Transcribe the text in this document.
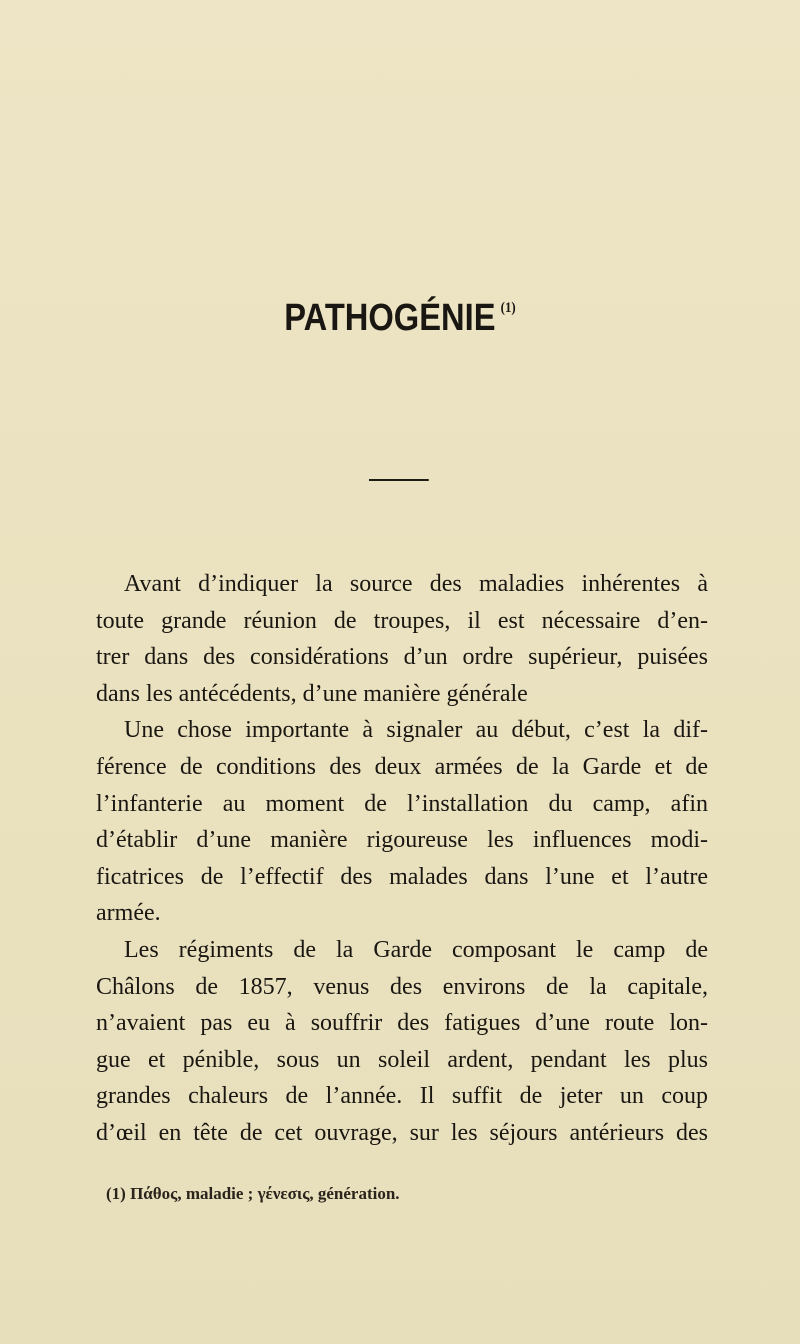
PATHOGÉNIE $^{(1)}$

Avant d’indiquer la source des maladies inhérentes à
toute grande réunion de troupes, il est nécessaire d’en-
trer dans des considérations d’un ordre supérieur, puisées
dans les antécédents, d’une manière générale

Une chose importante à signaler au début, c’est la dif-
férence de conditions des deux armées de la Garde et de
l’infanterie au moment de l’installation du camp, afin
d’établir d’une manière rigoureuse les influences modi-
ficatrices de l’effectif des malades dans l’une et l’autre
armée.

Les régiments de la Garde composant le camp de
Châlons de 1857, venus des environs de la capitale,
n’avaient pas eu à souffrir des fatigues d’une route lon-
gue et pénible, sous un soleil ardent, pendant les plus
grandes chaleurs de l’année. Il suffit de jeter un coup
d’œil en tête de cet ouvrage, sur les séjours antérieurs des

(1) Πάθος, maladie ; γένεσις, génération.
